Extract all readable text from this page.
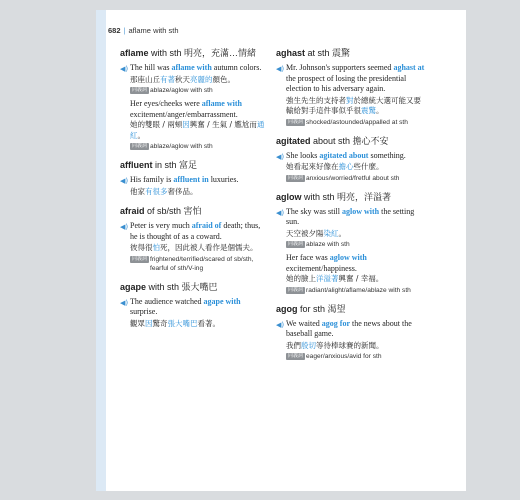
682 | aflame with sth
aflame with sth 明亮，充滿…情緒
◀) The hill was aflame with autumn colors.
那座山丘有著秋天亮麗的顏色。
同義詞 ablaze/aglow with sth
Her eyes/cheeks were aflame with excitement/anger/embarrassment.
她的雙眼 / 兩頰因興奮 / 生氣 / 尷尬而通紅。
同義詞 ablaze/aglow with sth
affluent in sth 富足
◀) His family is affluent in luxuries.
他家有很多奢侈品。
afraid of sb/sth 害怕
◀) Peter is very much afraid of death; thus, he is thought of as a coward.
彼得很怕死，因此被人看作是個懦夫。
同義詞 frightened/terrified/scared of sb/sth, fearful of sth/V-ing
agape with sth 張大嘴巴
◀) The audience watched agape with surprise.
觀眾因驚奇張大嘴巴看著。
aghast at sth 震驚
◀) Mr. Johnson's supporters seemed aghast at the prospect of losing the presidential election to his adversary again.
強生先生的支持者對於總統大選可能又要輸給對手這件事似乎很震驚。
同義詞 shocked/astounded/appalled at sth
agitated about sth 擔心不安
◀) She looks agitated about something.
她看起來好像在擔心些什麼。
同義詞 anxious/worried/fretful about sth
aglow with sth 明亮，洋溢著
◀) The sky was still aglow with the setting sun.
天空被夕陽染紅。
同義詞 ablaze with sth
Her face was aglow with excitement/happiness.
她的臉上洋溢著興奮 / 幸福。
同義詞 radiant/alight/aflame/ablaze with sth
agog for sth 渴望
◀) We waited agog for the news about the baseball game.
我們殷切等待棒球賽的新聞。
同義詞 eager/anxious/avid for sth
